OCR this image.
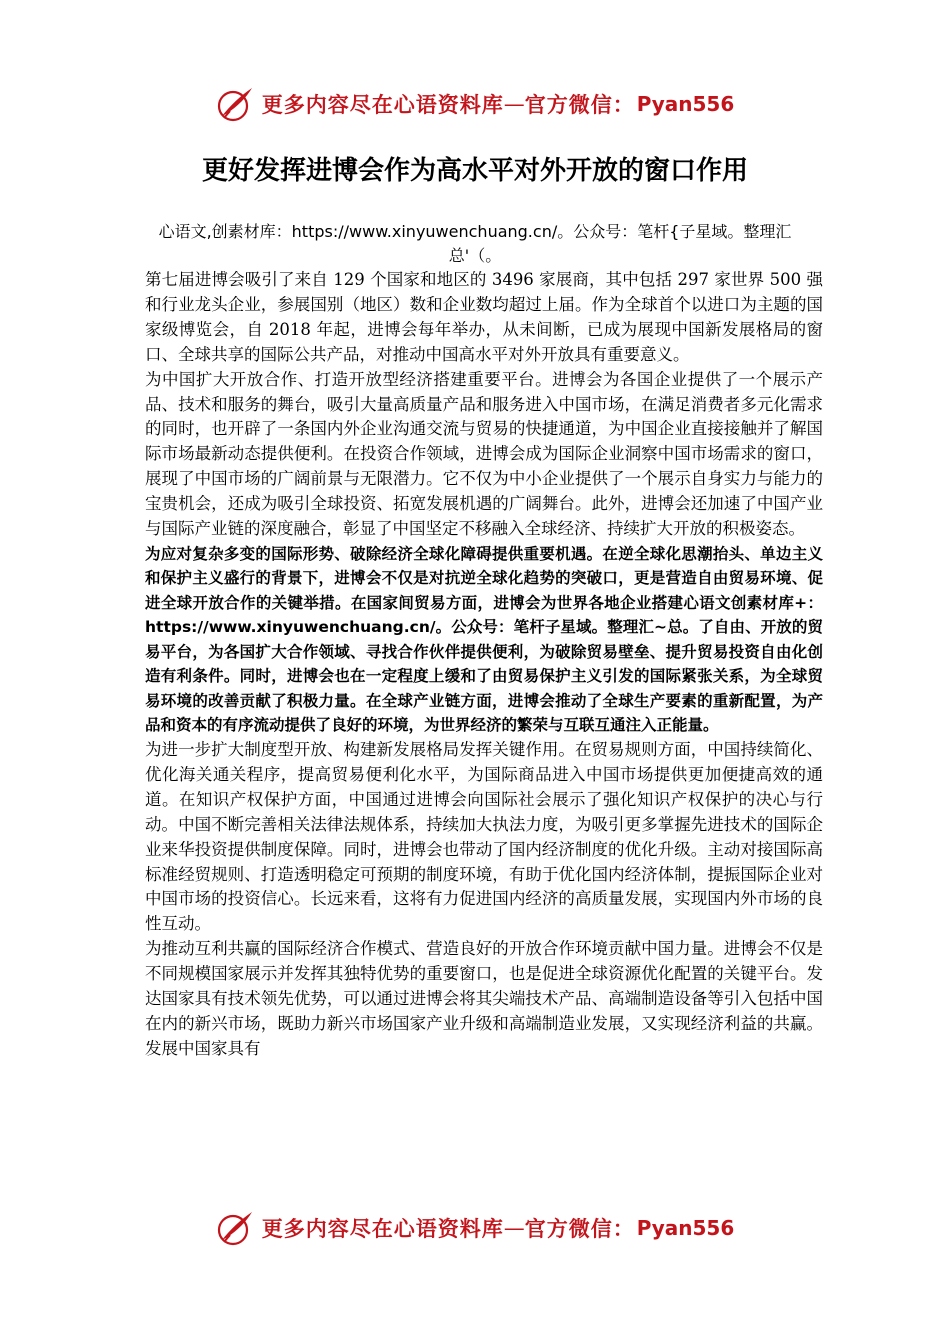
更多内容尽在心语资料库 — 官方微信： Pyan556
更好发挥进博会作为高水平对外开放的窗口作用
心语文,创素材库：https://www.xinyuwenchuang.cn/。公众号：笔杆{子星域。整理汇总'（。

第七届进博会吸引了来自 129 个国家和地区的 3496 家展商，其中包括 297 家世界 500 强和行业龙头企业，参展国别（地区）数和企业数均超过上届。作为全球首个以进口为主题的国家级博览会，自 2018 年起，进博会每年举办，从未间断，已成为展现中国新发展格局的窗口、全球共享的国际公共产品，对推动中国高水平对外开放具有重要意义。

为中国扩大开放合作、打造开放型经济搭建重要平台。进博会为各国企业提供了一个展示产品、技术和服务的舞台，吸引大量高质量产品和服务进入中国市场，在满足消费者多元化需求的同时，也开辟了一条国内外企业沟通交流与贸易的快捷通道，为中国企业直接接触并了解国际市场最新动态提供便利。在投资合作领域，进博会成为国际企业洞察中国市场需求的窗口，展现了中国市场的广阔前景与无限潜力。它不仅为中小企业提供了一个展示自身实力与能力的宝贵机会，还成为吸引全球投资、拓宽发展机遇的广阔舞台。此外，进博会还加速了中国产业与国际产业链的深度融合，彰显了中国坚定不移融入全球经济、持续扩大开放的积极姿态。

为应对复杂多变的国际形势、破除经济全球化障碍提供重要机遇。在逆全球化思潮抬头、单边主义和保护主义盛行的背景下，进博会不仅是对抗逆全球化趋势的突破口，更是营造自由贸易环境、促进全球开放合作的关键举措。在国家间贸易方面，进博会为世界各地企业搭建心语文创素材库+：https://www.xinyuwenchuang.cn/。公众号：笔杆子星域。整理汇~总。了自由、开放的贸易平台，为各国扩大合作领域、寻找合作伙伴提供便利，为破除贸易壁垒、提升贸易投资自由化创造有利条件。同时，进博会也在一定程度上缓和了由贸易保护主义引发的国际紧张关系，为全球贸易环境的改善贡献了积极力量。在全球产业链方面，进博会推动了全球生产要素的重新配置，为产品和资本的有序流动提供了良好的环境，为世界经济的繁荣与互联互通注入正能量。

为进一步扩大制度型开放、构建新发展格局发挥关键作用。在贸易规则方面，中国持续简化、优化海关通关程序，提高贸易便利化水平，为国际商品进入中国市场提供更加便捷高效的通道。在知识产权保护方面，中国通过进博会向国际社会展示了强化知识产权保护的决心与行动。中国不断完善相关法律法规体系，持续加大执法力度，为吸引更多掌握先进技术的国际企业来华投资提供制度保障。同时，进博会也带动了国内经济制度的优化升级。主动对接国际高标准经贸规则、打造透明稳定可预期的制度环境，有助于优化国内经济体制，提振国际企业对中国市场的投资信心。长远来看，这将有力促进国内经济的高质量发展，实现国内外市场的良性互动。

为推动互利共赢的国际经济合作模式、营造良好的开放合作环境贡献中国力量。进博会不仅是不同规模国家展示并发挥其独特优势的重要窗口，也是促进全球资源优化配置的关键平台。发达国家具有技术领先优势，可以通过进博会将其尖端技术产品、高端制造设备等引入包括中国在内的新兴市场，既助力新兴市场国家产业升级和高端制造业发展，又实现经济利益的共赢。发展中国家具有

更多内容尽在心语资料库 — 官方微信： Pyan556
